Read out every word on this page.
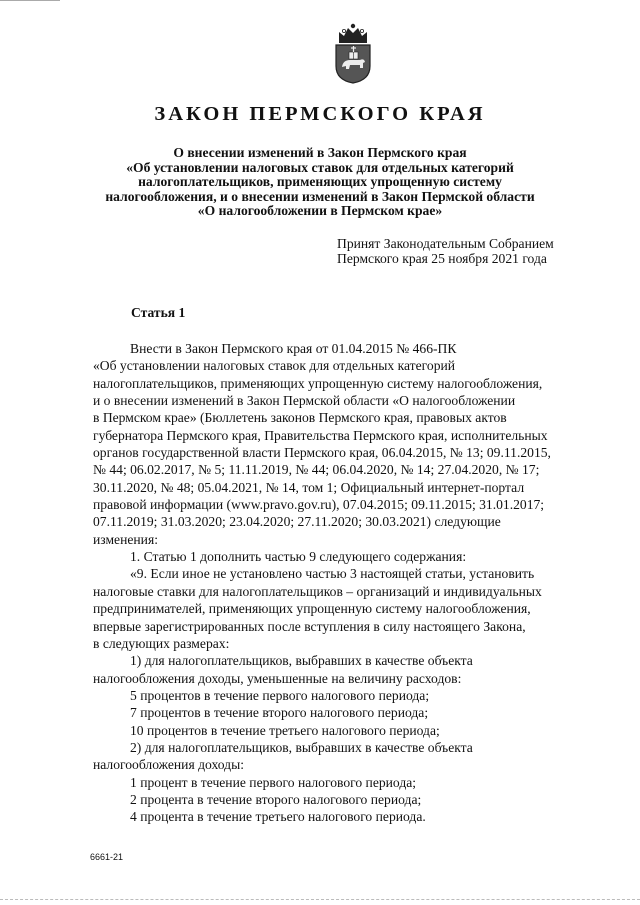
ЗАКОН ПЕРМСКОГО КРАЯ
О внесении изменений в Закон Пермского края
«Об установлении налоговых ставок для отдельных категорий
налогоплательщиков, применяющих упрощенную систему
налогообложения, и о внесении изменений в Закон Пермской области
«О налогообложении в Пермском крае»
Принят Законодательным Собранием
Пермского края 25 ноября 2021 года
Статья 1

Внести в Закон Пермского края от 01.04.2015 № 466-ПК

«Об установлении налоговых ставок для отдельных категорий

налогоплательщиков, применяющих упрощенную систему налогообложения,

и о внесении изменений в Закон Пермской области «О налогообложении

в Пермском крае» (Бюллетень законов Пермского края, правовых актов

губернатора Пермского края, Правительства Пермского края, исполнительных

органов государственной власти Пермского края, 06.04.2015, № 13; 09.11.2015,

№ 44; 06.02.2017, № 5; 11.11.2019, № 44; 06.04.2020, № 14; 27.04.2020, № 17;

30.11.2020, № 48; 05.04.2021, № 14, том 1; Официальный интернет-портал

правовой информации (www.pravo.gov.ru), 07.04.2015; 09.11.2015; 31.01.2017;

07.11.2019; 31.03.2020; 23.04.2020; 27.11.2020; 30.03.2021) следующие

изменения:

1. Статью 1 дополнить частью 9 следующего содержания:

«9. Если иное не установлено частью 3 настоящей статьи, установить

налоговые ставки для налогоплательщиков – организаций и индивидуальных

предпринимателей, применяющих упрощенную систему налогообложения,

впервые зарегистрированных после вступления в силу настоящего Закона,

в следующих размерах:

1) для налогоплательщиков, выбравших в качестве объекта

налогообложения доходы, уменьшенные на величину расходов:

5 процентов в течение первого налогового периода;

7 процентов в течение второго налогового периода;

10 процентов в течение третьего налогового периода;

2) для налогоплательщиков, выбравших в качестве объекта

налогообложения доходы:

1 процент в течение первого налогового периода;

2 процента в течение второго налогового периода;

4 процента в течение третьего налогового периода.

6661-21
